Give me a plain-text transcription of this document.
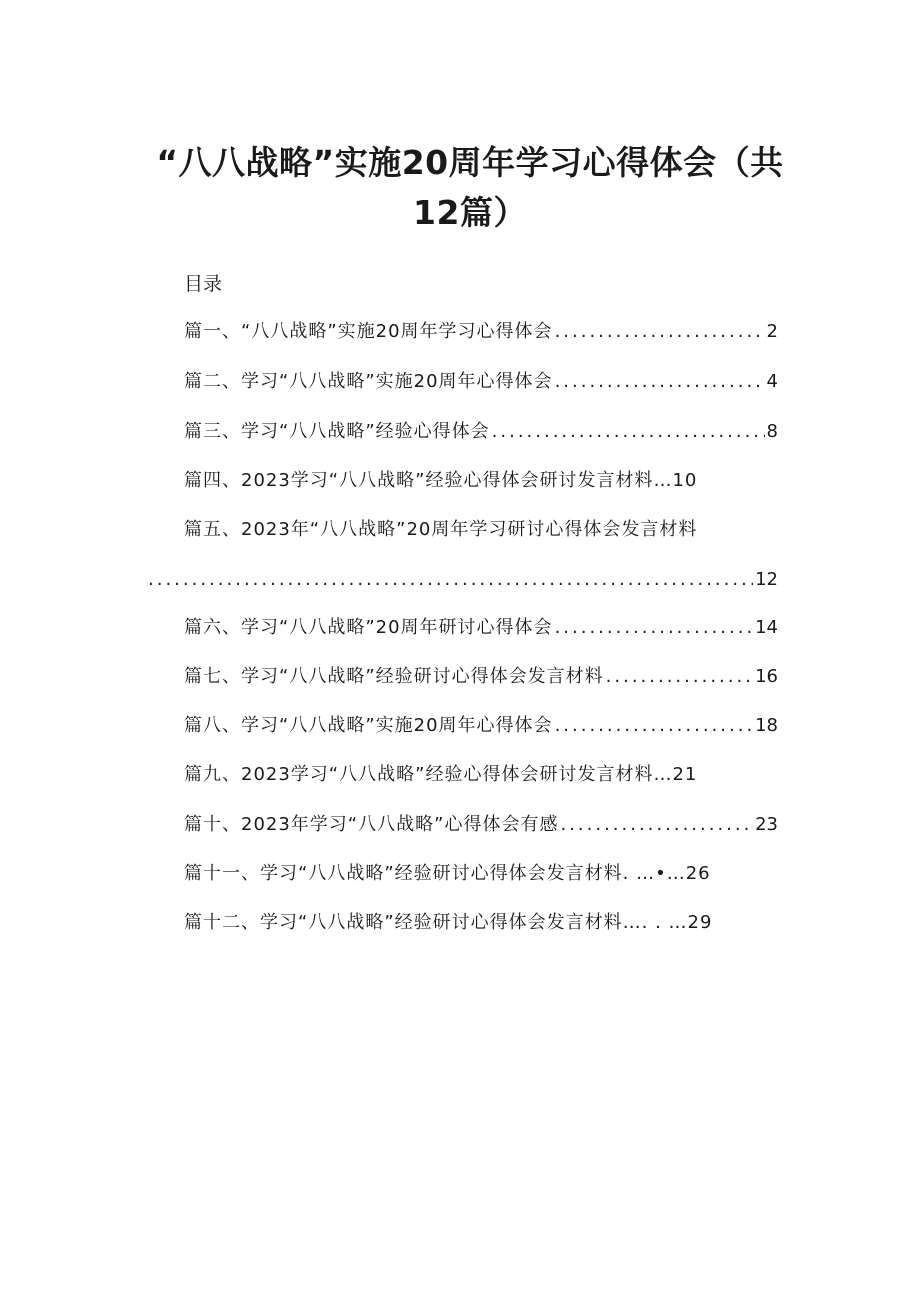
“八八战略”实施20周年学习心得体会（共
12篇）

目录

篇一、“八八战略”实施20周年学习心得体会 .....	2
篇二、学习“八八战略”实施20周年心得体会 .....	4
篇三、学习“八八战略”经验心得体会 .....	8
篇四、2023学习“八八战略”经验心得体会研讨发言材料…10
篇五、2023年“八八战略”20周年学习研讨心得体会发言材料
.....
12
篇六、学习“八八战略”20周年研讨心得体会 .....	14
篇七、学习“八八战略”经验研讨心得体会发言材料 .....	16
篇八、学习“八八战略”实施20周年心得体会 .....	18
篇九、2023学习“八八战略”经验心得体会研讨发言材料…21
篇十、2023年学习“八八战略”心得体会有感 .....	23
篇十一、学习“八八战略”经验研讨心得体会发言材料. …•…26
篇十二、学习“八八战略”经验研讨心得体会发言材料…. . …29
